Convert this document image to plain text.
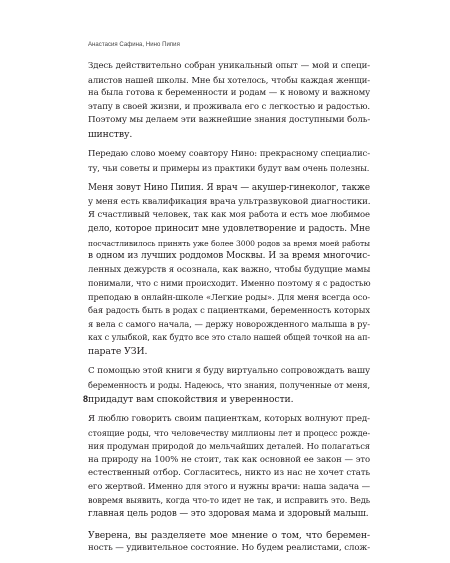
Анастасия Сафина, Нино Пипия
Здесь действительно собран уникальный опыт — мой и специ-
алистов нашей школы. Мне бы хотелось, чтобы каждая женщи-
на была готова к беременности и родам — к новому и важному
этапу в своей жизни, и проживала его с легкостью и радостью.
Поэтому мы делаем эти важнейшие знания доступными боль-
шинству.
Передаю слово моему соавтору Нино: прекрасному специалис-
ту, чьи советы и примеры из практики будут вам очень полезны.
Меня зовут Нино Пипия. Я врач — акушер-гинеколог, также
у меня есть квалификация врача ультразвуковой диагностики.
Я счастливый человек, так как моя работа и есть мое любимое
дело, которое приносит мне удовлетворение и радость. Мне
посчастливилось принять уже более 3000 родов за время моей работы
в одном из лучших роддомов Москвы. И за время многочис-
ленных дежурств я осознала, как важно, чтобы будущие мамы
понимали, что с ними происходит. Именно поэтому я с радостью
преподаю в онлайн-школе «Легкие роды». Для меня всегда осо-
бая радость быть в родах с пациентками, беременность которых
я вела с самого начала, — держу новорожденного малыша в ру-
ках с улыбкой, как будто все это стало нашей общей точкой на ап-
парате УЗИ.
С помощью этой книги я буду виртуально сопровождать вашу
беременность и роды. Надеюсь, что знания, полученные от меня,
придадут вам спокойствия и уверенности.
Я люблю говорить своим пациенткам, которых волнуют пред-
стоящие роды, что человечеству миллионы лет и процесс рожде-
ния продуман природой до мельчайших деталей. Но полагаться
на природу на 100% не стоит, так как основной ее закон — это
естественный отбор. Согласитесь, никто из нас не хочет стать
его жертвой. Именно для этого и нужны врачи: наша задача —
вовремя выявить, когда что-то идет не так, и исправить это. Ведь
главная цель родов — это здоровая мама и здоровый малыш.
Уверена, вы разделяете мое мнение о том, что беремен-
ность — удивительное состояние. Но будем реалистами, слож-
8
